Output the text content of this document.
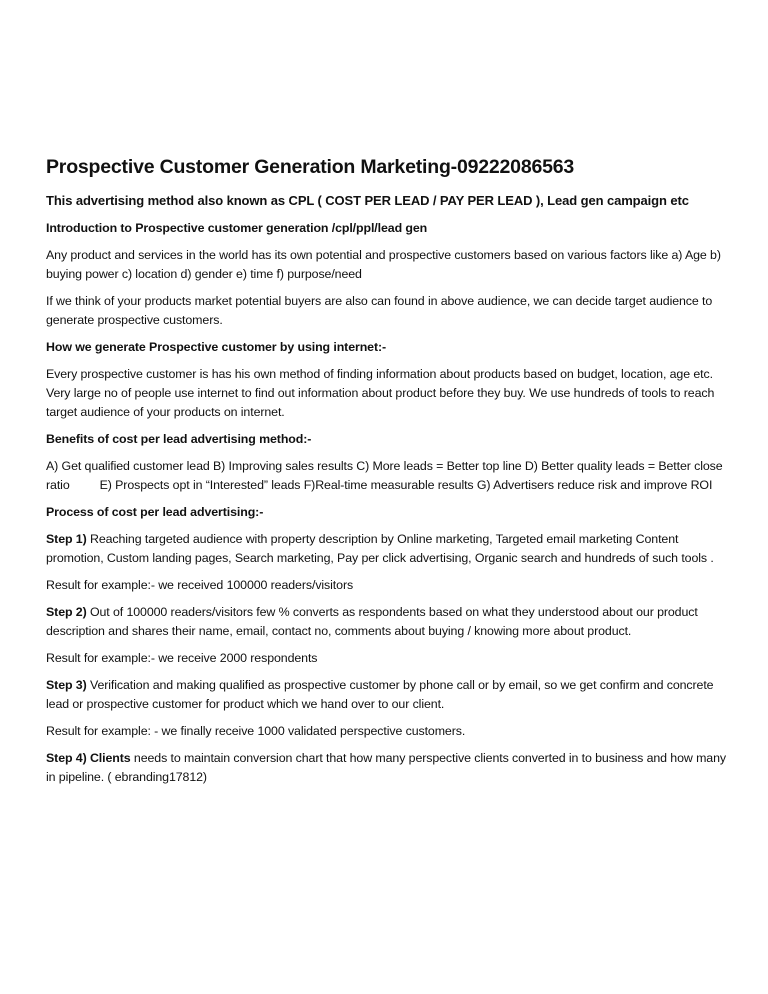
Prospective Customer Generation Marketing-09222086563
This advertising method also known as CPL ( COST PER LEAD / PAY PER LEAD ), Lead gen campaign etc

Introduction to Prospective customer generation /cpl/ppl/lead gen

Any product and services in the world has its own potential and prospective customers based on various factors like a) Age b) buying power c) location d) gender e) time f) purpose/need

If we think of your products market potential buyers are also can found in above audience, we can decide target audience to generate prospective customers.

How we generate Prospective customer by using internet:-

Every prospective customer is has his own method of finding information about products based on budget, location, age etc. Very large no of people use internet to find out information about product before they buy. We use hundreds of tools to reach target audience of your products on internet.

Benefits of cost per lead advertising method:-

A) Get qualified customer lead B) Improving sales results C) More leads = Better top line D) Better quality leads = Better close ratio E) Prospects opt in “Interested” leads F)Real-time measurable results G) Advertisers reduce risk and improve ROI

Process of cost per lead advertising:-

Step 1) Reaching targeted audience with property description by Online marketing, Targeted email marketing Content promotion, Custom landing pages, Search marketing, Pay per click advertising, Organic search and hundreds of such tools .

Result for example:- we received 100000 readers/visitors

Step 2) Out of 100000 readers/visitors few % converts as respondents based on what they understood about our product description and shares their name, email, contact no, comments about buying / knowing more about product.

Result for example:- we receive 2000 respondents

Step 3) Verification and making qualified as prospective customer by phone call or by email, so we get confirm and concrete lead or prospective customer for product which we hand over to our client.

Result for example: - we finally receive 1000 validated perspective customers.

Step 4) Clients needs to maintain conversion chart that how many perspective clients converted in to business and how many in pipeline. ( ebranding17812)
